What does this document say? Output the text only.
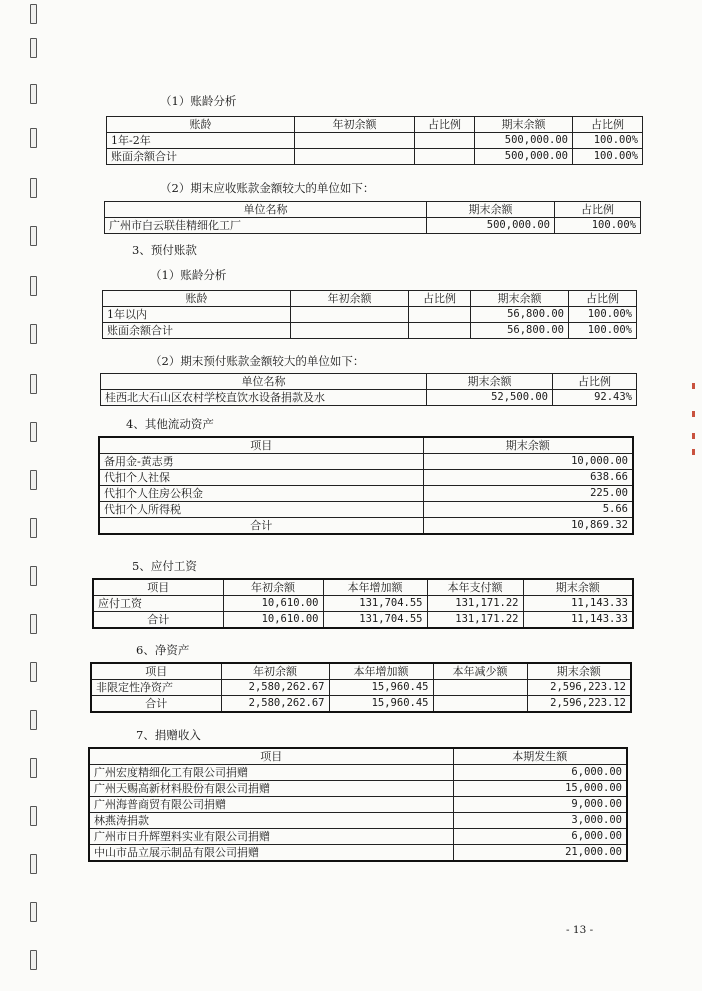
（1）账龄分析
账龄	年初余额	占比例	期末余额	占比例
1年-2年			500,000.00	100.00%
账面余额合计			500,000.00	100.00%
（2）期末应收账款金额较大的单位如下：
单位名称	期末余额	占比例
广州市白云联佳精细化工厂	500,000.00	100.00%
3、预付账款
（1）账龄分析
账龄	年初余额	占比例	期末余额	占比例
1年以内			56,800.00	100.00%
账面余额合计			56,800.00	100.00%
（2）期末预付账款金额较大的单位如下：
单位名称	期末余额	占比例
桂西北大石山区农村学校直饮水设备捐款及水	52,500.00	92.43%
4、其他流动资产
项目	期末余额
备用金-黄志勇	10,000.00
代扣个人社保	638.66
代扣个人住房公积金	225.00
代扣个人所得税	5.66
合计	10,869.32
5、应付工资
项目	年初余额	本年增加额	本年支付额	期末余额
应付工资	10,610.00	131,704.55	131,171.22	11,143.33
合计	10,610.00	131,704.55	131,171.22	11,143.33
6、净资产
项目	年初余额	本年增加额	本年减少额	期末余额
非限定性净资产	2,580,262.67	15,960.45		2,596,223.12
合计	2,580,262.67	15,960.45		2,596,223.12
7、捐赠收入
项目	本期发生额
广州宏度精细化工有限公司捐赠	6,000.00
广州天赐高新材料股份有限公司捐赠	15,000.00
广州海普商贸有限公司捐赠	9,000.00
林燕涛捐款	3,000.00
广州市日升辉塑料实业有限公司捐赠	6,000.00
中山市品立展示制品有限公司捐赠	21,000.00
- 13 -
